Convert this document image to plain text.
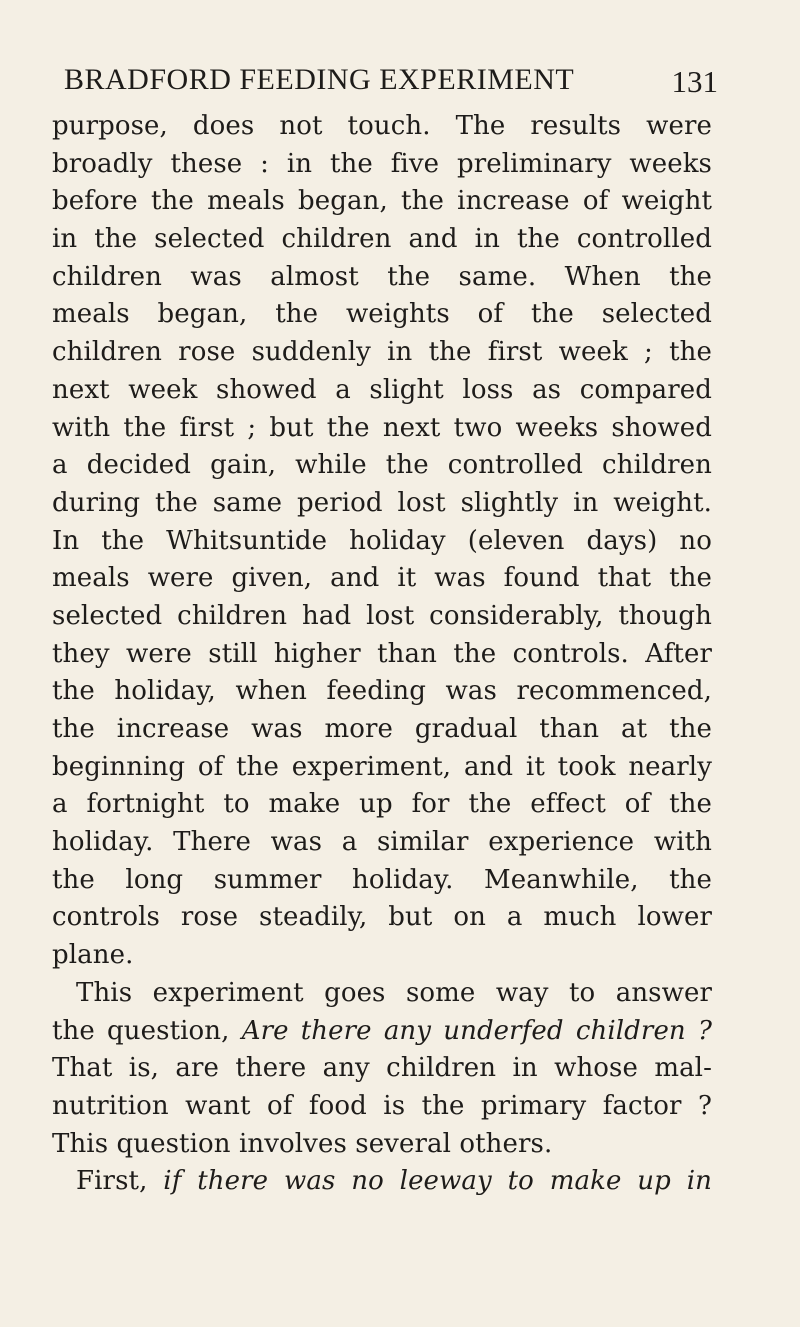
BRADFORD FEEDING EXPERIMENT	131
purpose, does not touch. The results were
broadly these : in the five preliminary weeks
before the meals began, the increase of weight
in the selected children and in the controlled
children was almost the same. When the
meals began, the weights of the selected
children rose suddenly in the first week ; the
next week showed a slight loss as compared
with the first ; but the next two weeks showed
a decided gain, while the controlled children
during the same period lost slightly in weight.
In the Whitsuntide holiday (eleven days) no
meals were given, and it was found that the
selected children had lost considerably, though
they were still higher than the controls. After
the holiday, when feeding was recommenced,
the increase was more gradual than at the
beginning of the experiment, and it took nearly
a fortnight to make up for the effect of the
holiday. There was a similar experience with
the long summer holiday. Meanwhile, the
controls rose steadily, but on a much lower
plane.
This experiment goes some way to answer
the question, Are there any underfed children ?
That is, are there any children in whose mal-
nutrition want of food is the primary factor ?
This question involves several others.
First, if there was no leeway to make up in
